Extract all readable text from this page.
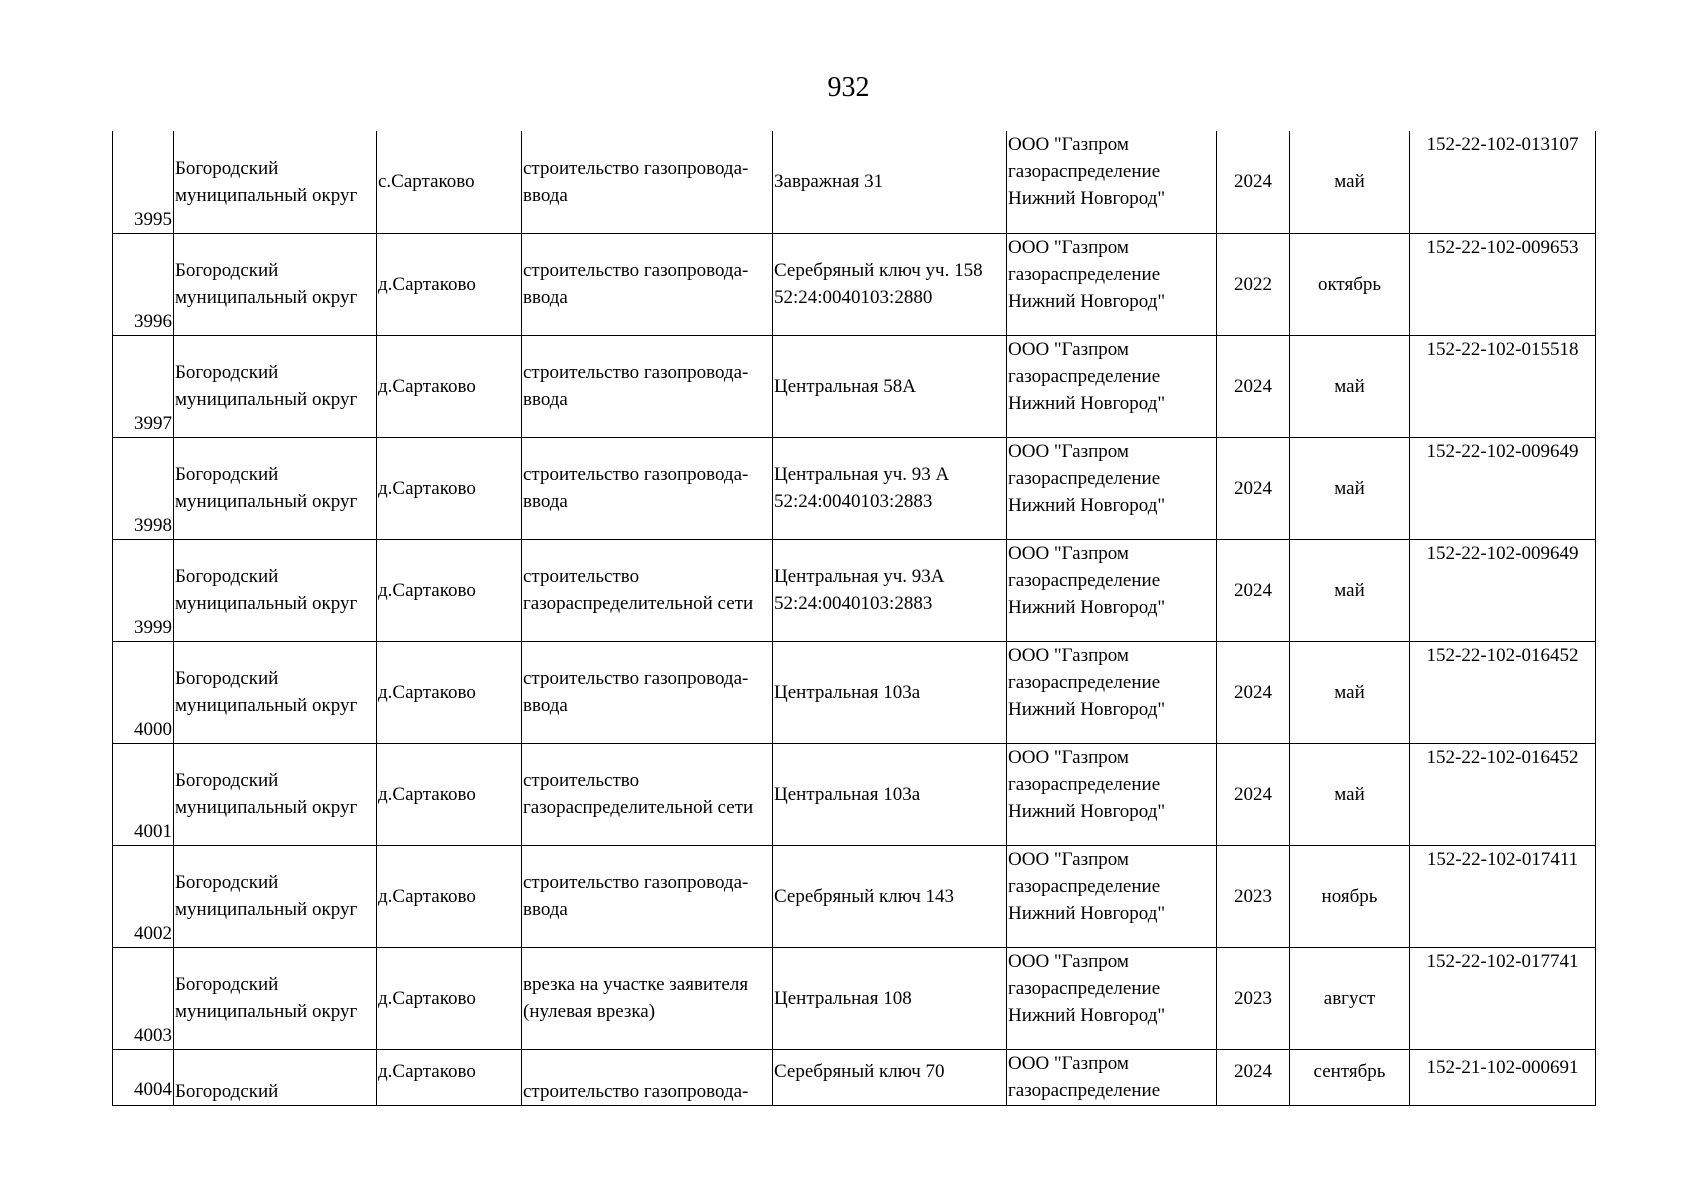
932
3995	Богородский
муниципальный округ	с.Сартаково	строительство газопровода-
ввода	Завражная 31	ООО "Газпром
газораспределение
Нижний Новгород"	2024	май	152-22-102-013107
3996	Богородский
муниципальный округ	д.Сартаково	строительство газопровода-
ввода	Серебряный ключ уч. 158
52:24:0040103:2880	ООО "Газпром
газораспределение
Нижний Новгород"	2022	октябрь	152-22-102-009653
3997	Богородский
муниципальный округ	д.Сартаково	строительство газопровода-
ввода	Центральная 58А	ООО "Газпром
газораспределение
Нижний Новгород"	2024	май	152-22-102-015518
3998	Богородский
муниципальный округ	д.Сартаково	строительство газопровода-
ввода	Центральная уч. 93 А
52:24:0040103:2883	ООО "Газпром
газораспределение
Нижний Новгород"	2024	май	152-22-102-009649
3999	Богородский
муниципальный округ	д.Сартаково	строительство
газораспределительной сети	Центральная уч. 93А
52:24:0040103:2883	ООО "Газпром
газораспределение
Нижний Новгород"	2024	май	152-22-102-009649
4000	Богородский
муниципальный округ	д.Сартаково	строительство газопровода-
ввода	Центральная 103а	ООО "Газпром
газораспределение
Нижний Новгород"	2024	май	152-22-102-016452
4001	Богородский
муниципальный округ	д.Сартаково	строительство
газораспределительной сети	Центральная 103а	ООО "Газпром
газораспределение
Нижний Новгород"	2024	май	152-22-102-016452
4002	Богородский
муниципальный округ	д.Сартаково	строительство газопровода-
ввода	Серебряный ключ 143	ООО "Газпром
газораспределение
Нижний Новгород"	2023	ноябрь	152-22-102-017411
4003	Богородский
муниципальный округ	д.Сартаково	врезка на участке заявителя
(нулевая врезка)	Центральная 108	ООО "Газпром
газораспределение
Нижний Новгород"	2023	август	152-22-102-017741
4004	Богородский	д.Сартаково	строительство газопровода-	Серебряный ключ 70	ООО "Газпром
газораспределение	2024	сентябрь	152-21-102-000691
